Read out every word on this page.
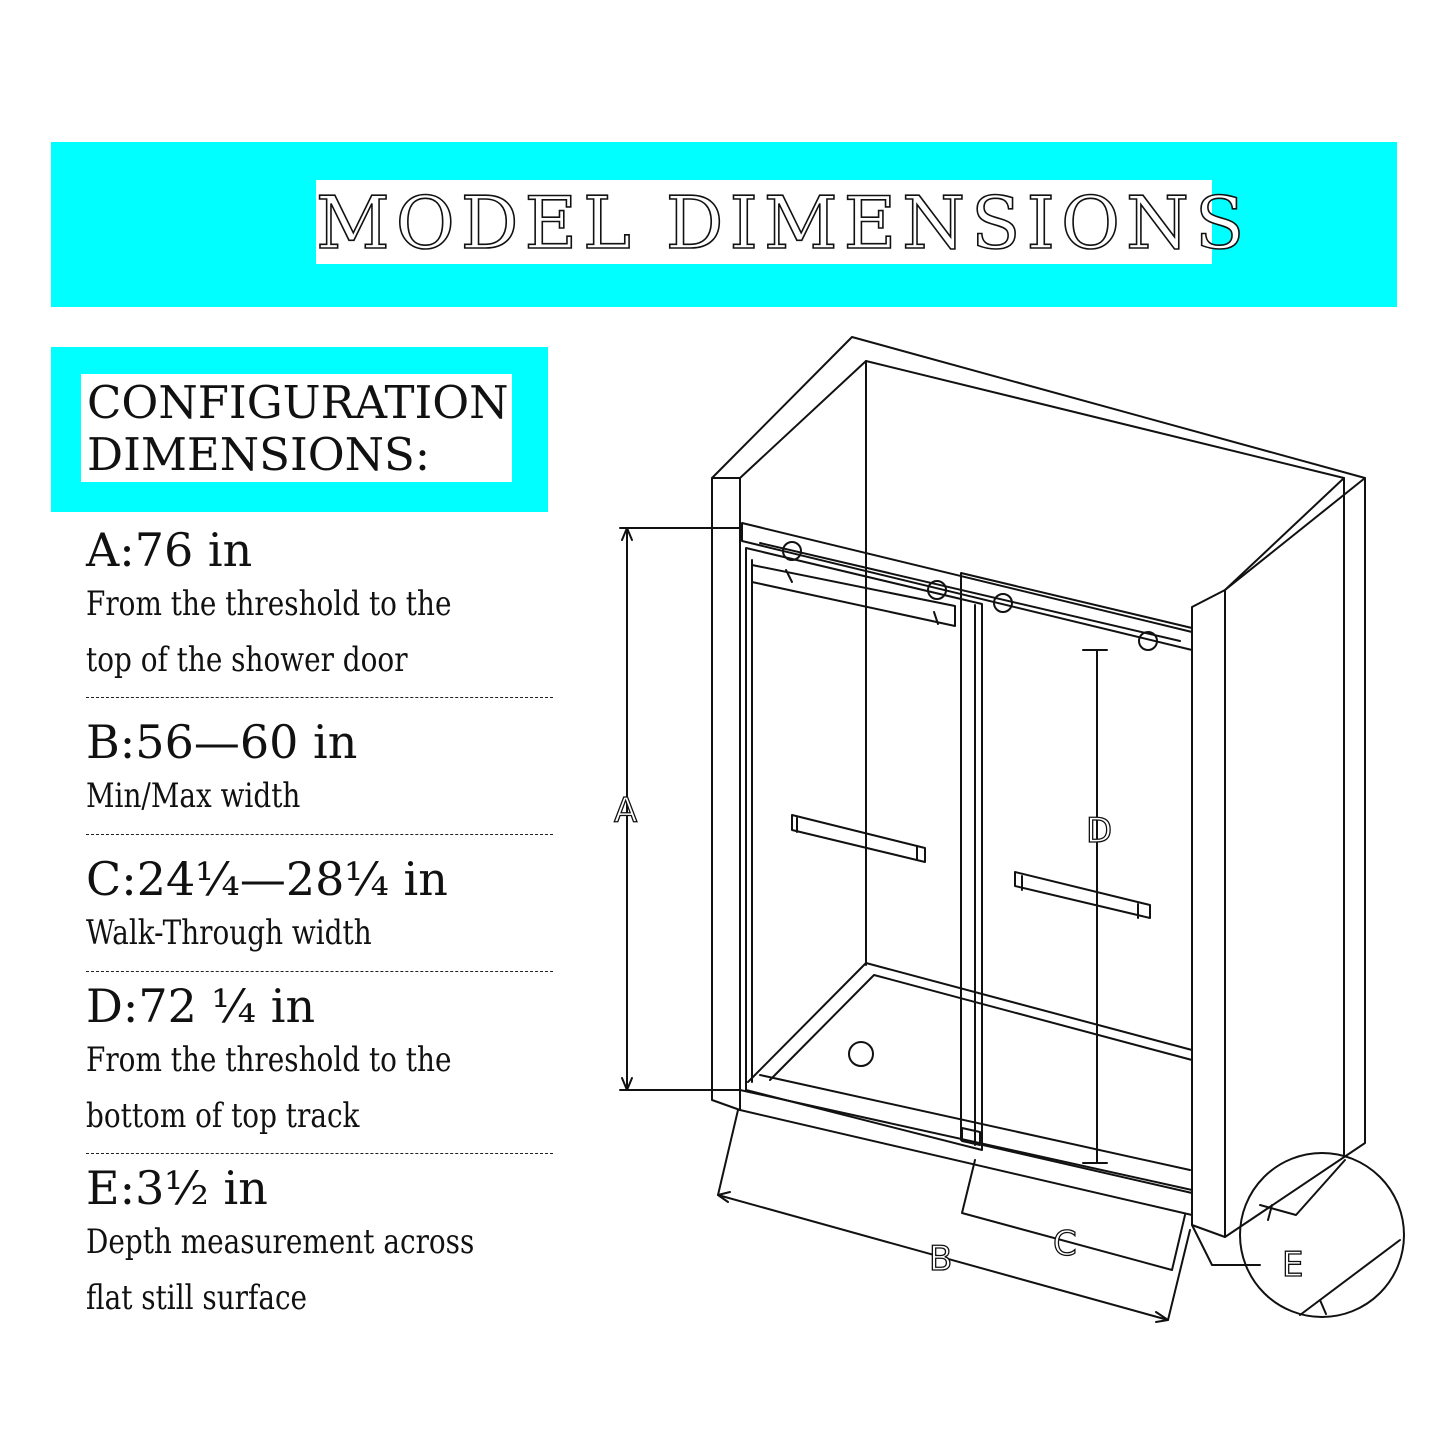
MODEL DIMENSIONS
CONFIGURATION
DIMENSIONS:
A:76 in
From the threshold to the
top of the shower door
B:56—60 in
Min/Max width
C:24¼—28¼ in
Walk-Through width
D:72 ¼ in
From the threshold to the
bottom of top track
E:3½ in
Depth measurement across
flat still surface
A	D
B	C
E
